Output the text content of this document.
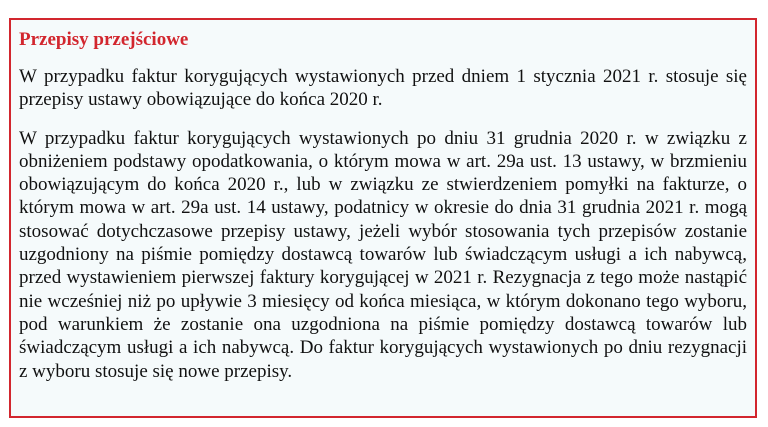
Przepisy przejściowe

W przypadku faktur korygujących wystawionych przed dniem 1 stycznia 2021 r. stosuje się przepisy ustawy obowiązujące do końca 2020 r.

W przypadku faktur korygujących wystawionych po dniu 31 grudnia 2020 r. w związku z obniżeniem podstawy opodatkowania, o którym mowa w art. 29a ust. 13 ustawy, w brzmieniu obowiązującym do końca 2020 r., lub w związku ze stwierdzeniem pomyłki na fakturze, o którym mowa w art. 29a ust. 14 ustawy, podatnicy w okresie do dnia 31 grudnia 2021 r. mogą stosować dotychczasowe przepisy ustawy, jeżeli wybór stosowania tych przepisów zostanie uzgodniony na piśmie pomiędzy dostawcą towarów lub świadczącym usługi a ich nabywcą, przed wystawieniem pierwszej faktury korygującej w 2021 r. Rezygnacja z tego może nastąpić nie wcześniej niż po upływie 3 miesięcy od końca miesiąca, w którym dokonano tego wyboru, pod warunkiem że zostanie ona uzgodniona na piśmie pomiędzy dostawcą towarów lub świadczącym usługi a ich nabywcą. Do faktur korygujących wystawionych po dniu rezygnacji z wyboru stosuje się nowe przepisy.
